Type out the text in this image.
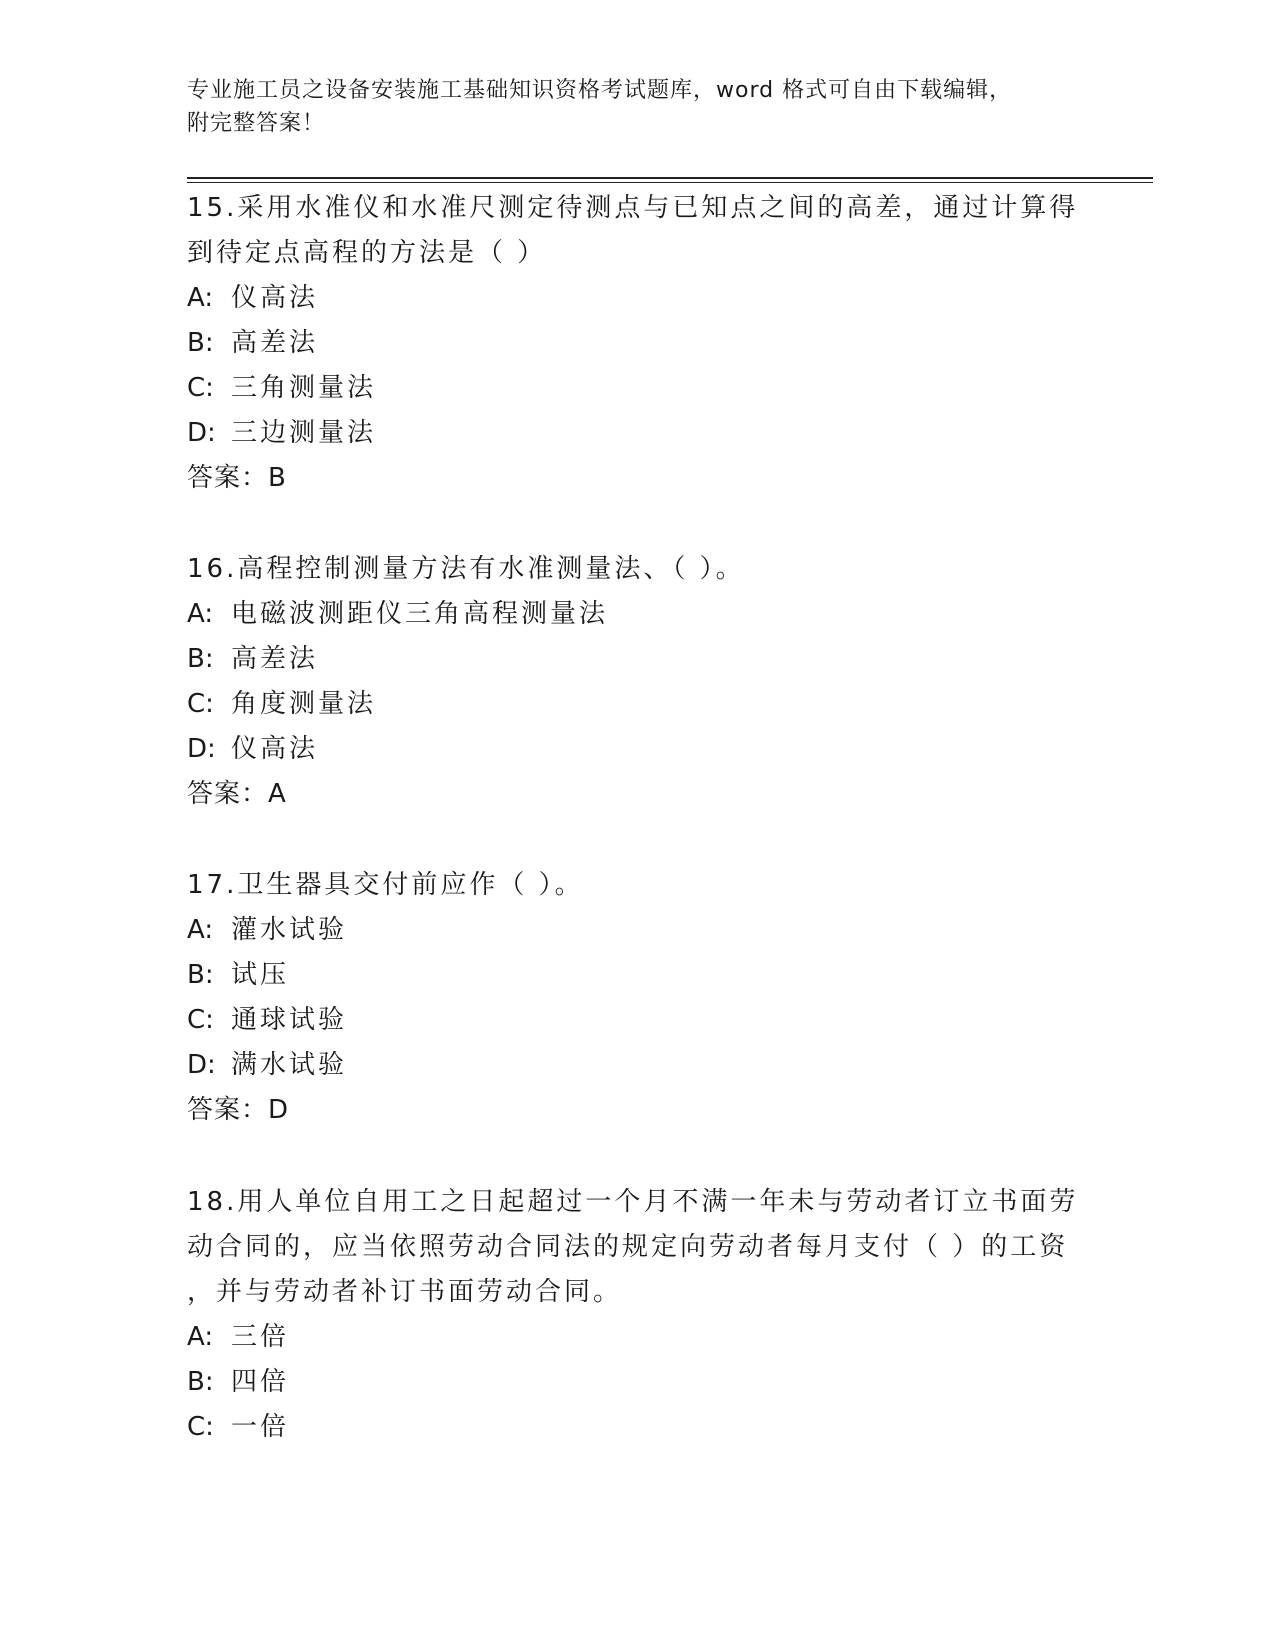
专业施工员之设备安装施工基础知识资格考试题库，word 格式可自由下载编辑，
附完整答案！
15.采用水准仪和水准尺测定待测点与已知点之间的高差，通过计算得
到待定点高程的方法是（ ）
A: 仪高法
B: 高差法
C: 三角测量法
D: 三边测量法
答案：B
16.高程控制测量方法有水准测量法、（ ）。
A: 电磁波测距仪三角高程测量法
B: 高差法
C: 角度测量法
D: 仪高法
答案：A
17.卫生器具交付前应作（ ）。
A: 灌水试验
B: 试压
C: 通球试验
D: 满水试验
答案：D
18.用人单位自用工之日起超过一个月不满一年未与劳动者订立书面劳
动合同的，应当依照劳动合同法的规定向劳动者每月支付（ ）的工资
，并与劳动者补订书面劳动合同。
A: 三倍
B: 四倍
C: 一倍
